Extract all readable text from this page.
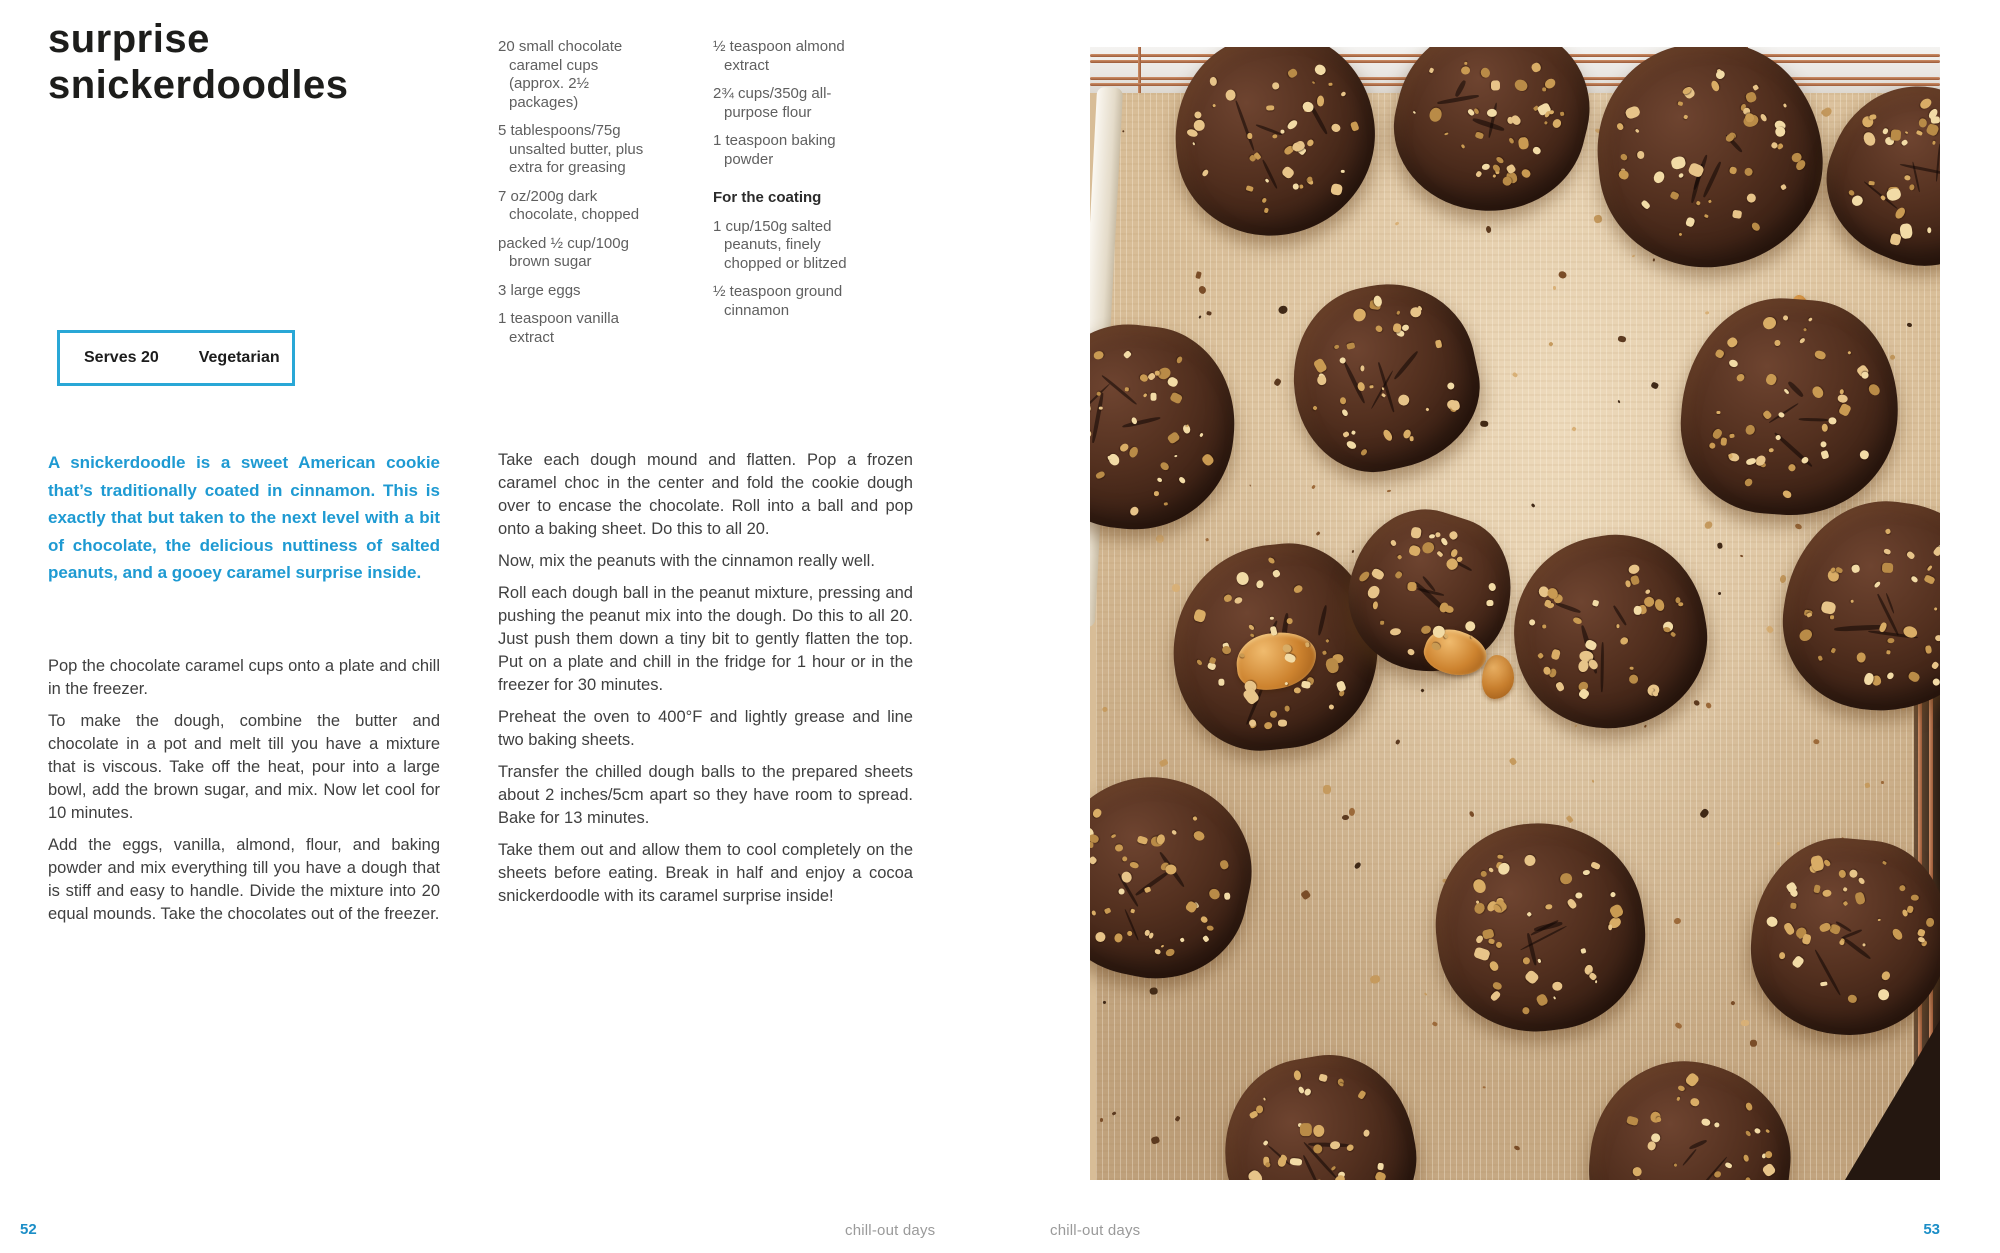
surprise snickerdoodles
Serves 20	Vegetarian

20 small chocolate caramel cups (approx. 2½ packages)

5 tablespoons/75g unsalted butter, plus extra for greasing

7 oz/200g dark chocolate, chopped

packed ½ cup/100g brown sugar

3 large eggs

1 teaspoon vanilla extract

½ teaspoon almond extract

2¾ cups/350g all-purpose flour

1 teaspoon baking powder

For the coating

1 cup/150g salted peanuts, finely chopped or blitzed

½ teaspoon ground cinnamon

A snickerdoodle is a sweet American cookie that’s traditionally coated in cinnamon. This is exactly that but taken to the next level with a bit of chocolate, the delicious nuttiness of salted peanuts, and a gooey caramel surprise inside.

Pop the chocolate caramel cups onto a plate and chill in the freezer.

To make the dough, combine the butter and chocolate in a pot and melt till you have a mixture that is viscous. Take off the heat, pour into a large bowl, add the brown sugar, and mix. Now let cool for 10 minutes.

Add the eggs, vanilla, almond, flour, and baking powder and mix everything till you have a dough that is stiff and easy to handle. Divide the mixture into 20 equal mounds. Take the chocolates out of the freezer.

Take each dough mound and flatten. Pop a frozen caramel choc in the center and fold the cookie dough over to encase the chocolate. Roll into a ball and pop onto a baking sheet. Do this to all 20.

Now, mix the peanuts with the cinnamon really well.

Roll each dough ball in the peanut mixture, pressing and pushing the peanut mix into the dough. Do this to all 20. Just push them down a tiny bit to gently flatten the top. Put on a plate and chill in the fridge for 1 hour or in the freezer for 30 minutes.

Preheat the oven to 400°F and lightly grease and line two baking sheets.

Transfer the chilled dough balls to the prepared sheets about 2 inches/5cm apart so they have room to spread. Bake for 13 minutes.

Take them out and allow them to cool completely on the sheets before eating. Break in half and enjoy a cocoa snickerdoodle with its caramel surprise inside!

52	chill-out days	chill-out days	53
